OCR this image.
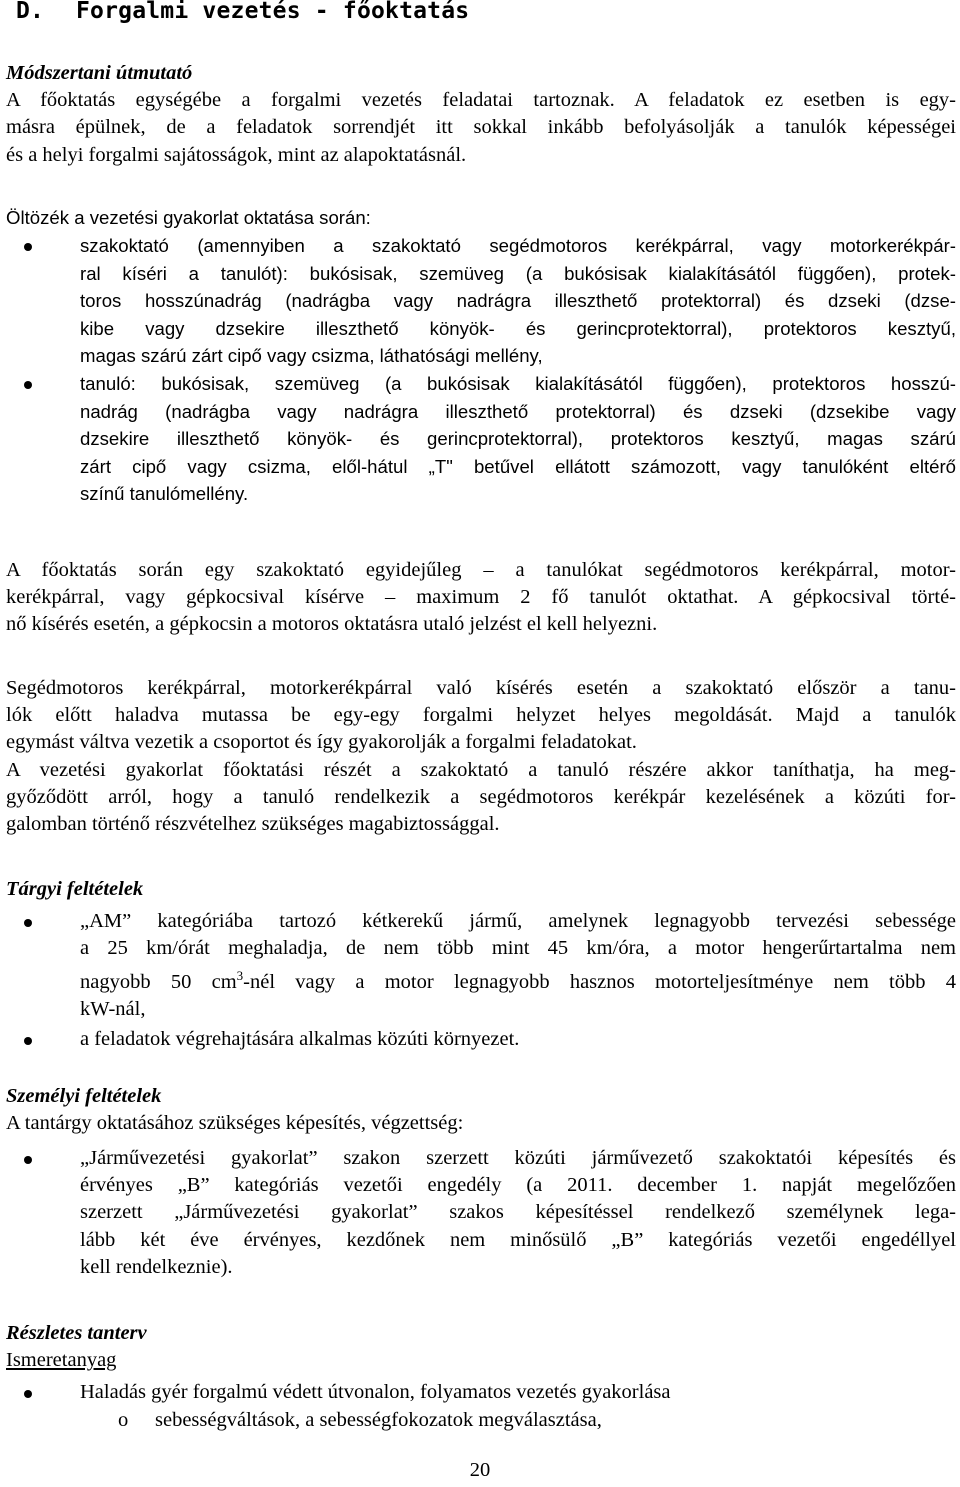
D. Forgalmi vezetés - főoktatás
Módszertani útmutató
A főoktatás egységébe a forgalmi vezetés feladatai tartoznak. A feladatok ez esetben is egy-
másra épülnek, de a feladatok sorrendjét itt sokkal inkább befolyásolják a tanulók képességei
és a helyi forgalmi sajátosságok, mint az alapoktatásnál.
Öltözék a vezetési gyakorlat oktatása során:
szakoktató (amennyiben a szakoktató segédmotoros kerékpárral, vagy motorkerékpár-
ral kíséri a tanulót): bukósisak, szemüveg (a bukósisak kialakításától függően), protek-
toros hosszúnadrág (nadrágba vagy nadrágra illeszthető protektorral) és dzseki (dzse-
kibe vagy dzsekire illeszthető könyök- és gerincprotektorral), protektoros kesztyű,
magas szárú zárt cipő vagy csizma, láthatósági mellény,
tanuló: bukósisak, szemüveg (a bukósisak kialakításától függően), protektoros hosszú-
nadrág (nadrágba vagy nadrágra illeszthető protektorral) és dzseki (dzsekibe vagy
dzsekire illeszthető könyök- és gerincprotektorral), protektoros kesztyű, magas szárú
zárt cipő vagy csizma, elől-hátul „T" betűvel ellátott számozott, vagy tanulóként eltérő
színű tanulómellény.
A főoktatás során egy szakoktató egyidejűleg – a tanulókat segédmotoros kerékpárral, motor-
kerékpárral, vagy gépkocsival kísérve – maximum 2 fő tanulót oktathat. A gépkocsival törté-
nő kísérés esetén, a gépkocsin a motoros oktatásra utaló jelzést el kell helyezni.
Segédmotoros kerékpárral, motorkerékpárral való kísérés esetén a szakoktató először a tanu-
lók előtt haladva mutassa be egy-egy forgalmi helyzet helyes megoldását. Majd a tanulók
egymást váltva vezetik a csoportot és így gyakorolják a forgalmi feladatokat.
A vezetési gyakorlat főoktatási részét a szakoktató a tanuló részére akkor taníthatja, ha meg-
győződött arról, hogy a tanuló rendelkezik a segédmotoros kerékpár kezelésének a közúti for-
galomban történő részvételhez szükséges magabiztossággal.
Tárgyi feltételek
„AM” kategóriába tartozó kétkerekű jármű, amelynek legnagyobb tervezési sebessége
a 25 km/órát meghaladja, de nem több mint 45 km/óra, a motor hengerűrtartalma nem
nagyobb 50 $cm^3$-nél vagy a motor legnagyobb hasznos motorteljesítménye nem több 4
kW-nál,
a feladatok végrehajtására alkalmas közúti környezet.
Személyi feltételek
A tantárgy oktatásához szükséges képesítés, végzettség:
„Járművezetési gyakorlat” szakon szerzett közúti járművezető szakoktatói képesítés és
érvényes „B” kategóriás vezetői engedély (a 2011. december 1. napját megelőzően
szerzett „Járművezetési gyakorlat” szakos képesítéssel rendelkező személynek lega-
lább két éve érvényes, kezdőnek nem minősülő „B” kategóriás vezetői engedéllyel
kell rendelkeznie).
Részletes tanterv
Ismeretanyag
Haladás gyér forgalmú védett útvonalon, folyamatos vezetés gyakorlása
o sebességváltások, a sebességfokozatok megválasztása,
20
